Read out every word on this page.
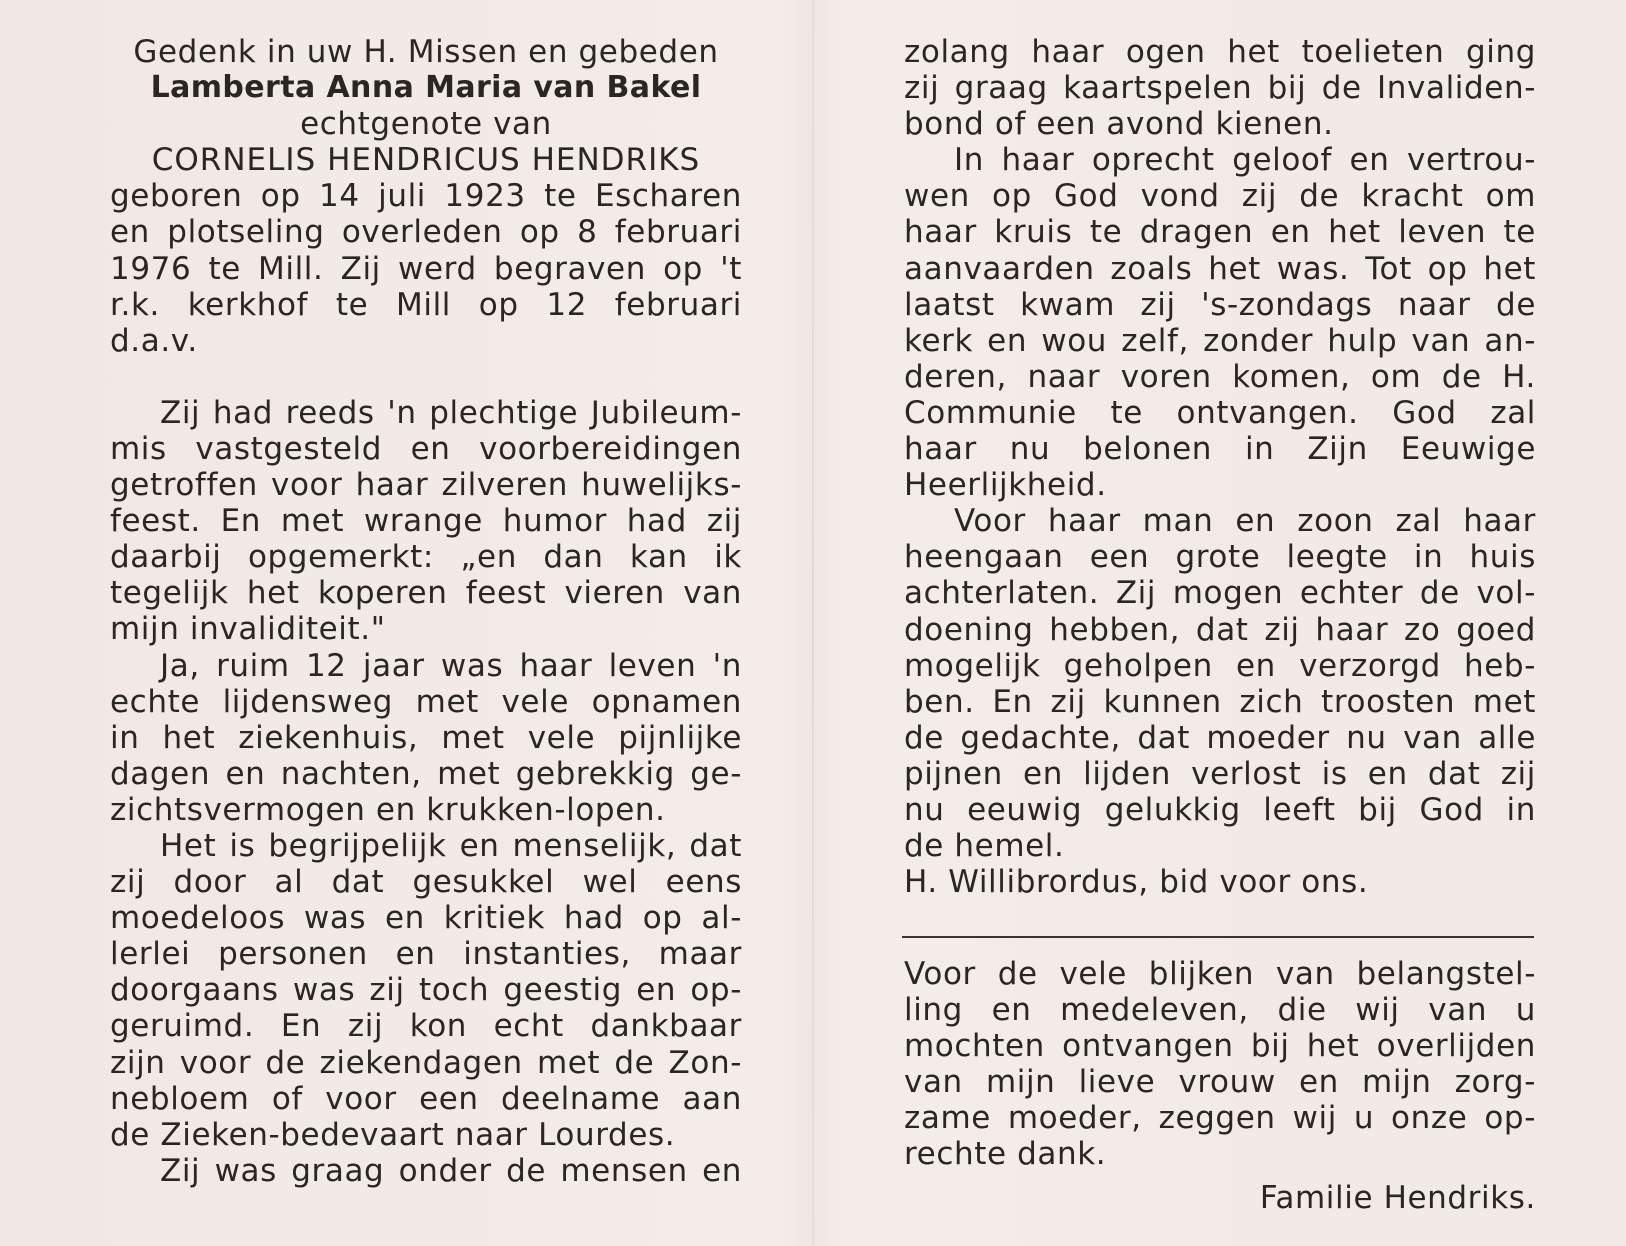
Gedenk in uw H. Missen en gebeden
Lamberta Anna Maria van Bakel
echtgenote van
CORNELIS HENDRICUS HENDRIKS
geboren op 14 juli 1923 te Escharen
en plotseling overleden op 8 februari
1976 te Mill. Zij werd begraven op 't
r.k. kerkhof te Mill op 12 februari
d.a.v.
Zij had reeds 'n plechtige Jubileum-
mis vastgesteld en voorbereidingen
getroffen voor haar zilveren huwelijks-
feest. En met wrange humor had zij
daarbij opgemerkt: „en dan kan ik
tegelijk het koperen feest vieren van
mijn invaliditeit."
Ja, ruim 12 jaar was haar leven 'n
echte lijdensweg met vele opnamen
in het ziekenhuis, met vele pijnlijke
dagen en nachten, met gebrekkig ge-
zichtsvermogen en krukken-lopen.
Het is begrijpelijk en menselijk, dat
zij door al dat gesukkel wel eens
moedeloos was en kritiek had op al-
lerlei personen en instanties, maar
doorgaans was zij toch geestig en op-
geruimd. En zij kon echt dankbaar
zijn voor de ziekendagen met de Zon-
nebloem of voor een deelname aan
de Zieken-bedevaart naar Lourdes.
Zij was graag onder de mensen en
zolang haar ogen het toelieten ging
zij graag kaartspelen bij de Invaliden-
bond of een avond kienen.
In haar oprecht geloof en vertrou-
wen op God vond zij de kracht om
haar kruis te dragen en het leven te
aanvaarden zoals het was. Tot op het
laatst kwam zij 's-zondags naar de
kerk en wou zelf, zonder hulp van an-
deren, naar voren komen, om de H.
Communie te ontvangen. God zal
haar nu belonen in Zijn Eeuwige
Heerlijkheid.
Voor haar man en zoon zal haar
heengaan een grote leegte in huis
achterlaten. Zij mogen echter de vol-
doening hebben, dat zij haar zo goed
mogelijk geholpen en verzorgd heb-
ben. En zij kunnen zich troosten met
de gedachte, dat moeder nu van alle
pijnen en lijden verlost is en dat zij
nu eeuwig gelukkig leeft bij God in
de hemel.
H. Willibrordus, bid voor ons.
Voor de vele blijken van belangstel-
ling en medeleven, die wij van u
mochten ontvangen bij het overlijden
van mijn lieve vrouw en mijn zorg-
zame moeder, zeggen wij u onze op-
rechte dank.
Familie Hendriks.
